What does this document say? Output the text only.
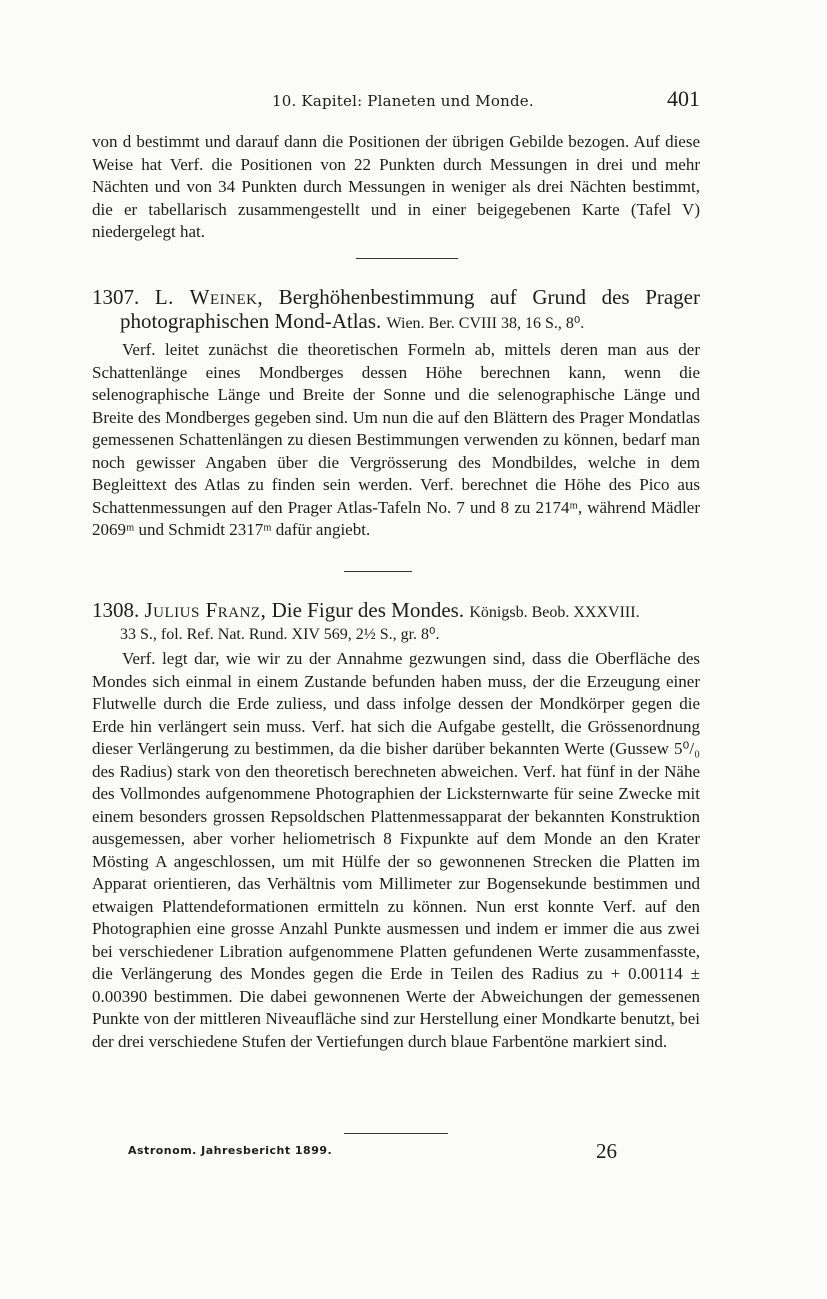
10. Kapitel: Planeten und Monde.	401

von d bestimmt und darauf dann die Positionen der übrigen Gebilde bezogen. Auf diese Weise hat Verf. die Positionen von 22 Punkten durch Messungen in drei und mehr Nächten und von 34 Punkten durch Messungen in weniger als drei Nächten bestimmt, die er tabellarisch zusammengestellt und in einer beigegebenen Karte (Tafel V) niedergelegt hat.

1307. L. Weinek, Berghöhenbestimmung auf Grund des Prager photographischen Mond-Atlas. Wien. Ber. CVIII 38, 16 S., 8⁰.

Verf. leitet zunächst die theoretischen Formeln ab, mittels deren man aus der Schattenlänge eines Mondberges dessen Höhe berechnen kann, wenn die selenographische Länge und Breite der Sonne und die selenographische Länge und Breite des Mondberges gegeben sind. Um nun die auf den Blättern des Prager Mondatlas gemessenen Schattenlängen zu diesen Bestimmungen verwenden zu können, bedarf man noch gewisser Angaben über die Vergrösserung des Mondbildes, welche in dem Begleittext des Atlas zu finden sein werden. Verf. berechnet die Höhe des Pico aus Schattenmessungen auf den Prager Atlas-Tafeln No. 7 und 8 zu 2174ᵐ, während Mädler 2069ᵐ und Schmidt 2317ᵐ dafür angiebt.

1308. Julius Franz, Die Figur des Mondes. Königsb. Beob. XXXVIII.

33 S., fol. Ref. Nat. Rund. XIV 569, 2½ S., gr. 8⁰.

Verf. legt dar, wie wir zu der Annahme gezwungen sind, dass die Oberfläche des Mondes sich einmal in einem Zustande befunden haben muss, der die Erzeugung einer Flutwelle durch die Erde zuliess, und dass infolge dessen der Mondkörper gegen die Erde hin verlängert sein muss. Verf. hat sich die Aufgabe gestellt, die Grössenordnung dieser Verlängerung zu bestimmen, da die bisher darüber bekannten Werte (Gussew 5⁰/₀ des Radius) stark von den theoretisch berechneten abweichen. Verf. hat fünf in der Nähe des Vollmondes aufgenommene Photographien der Licksternwarte für seine Zwecke mit einem besonders grossen Repsoldschen Plattenmessapparat der bekannten Konstruktion ausgemessen, aber vorher heliometrisch 8 Fixpunkte auf dem Monde an den Krater Mösting A angeschlossen, um mit Hülfe der so gewonnenen Strecken die Platten im Apparat orientieren, das Verhältnis vom Millimeter zur Bogensekunde bestimmen und etwaigen Plattendeformationen ermitteln zu können. Nun erst konnte Verf. auf den Photographien eine grosse Anzahl Punkte ausmessen und indem er immer die aus zwei bei verschiedener Libration aufgenommene Platten gefundenen Werte zusammenfasste, die Verlängerung des Mondes gegen die Erde in Teilen des Radius zu + 0.00114 ± 0.00390 bestimmen. Die dabei gewonnenen Werte der Abweichungen der gemessenen Punkte von der mittleren Niveaufläche sind zur Herstellung einer Mondkarte benutzt, bei der drei verschiedene Stufen der Vertiefungen durch blaue Farbentöne markiert sind.

Astronom. Jahresbericht 1899.	26
